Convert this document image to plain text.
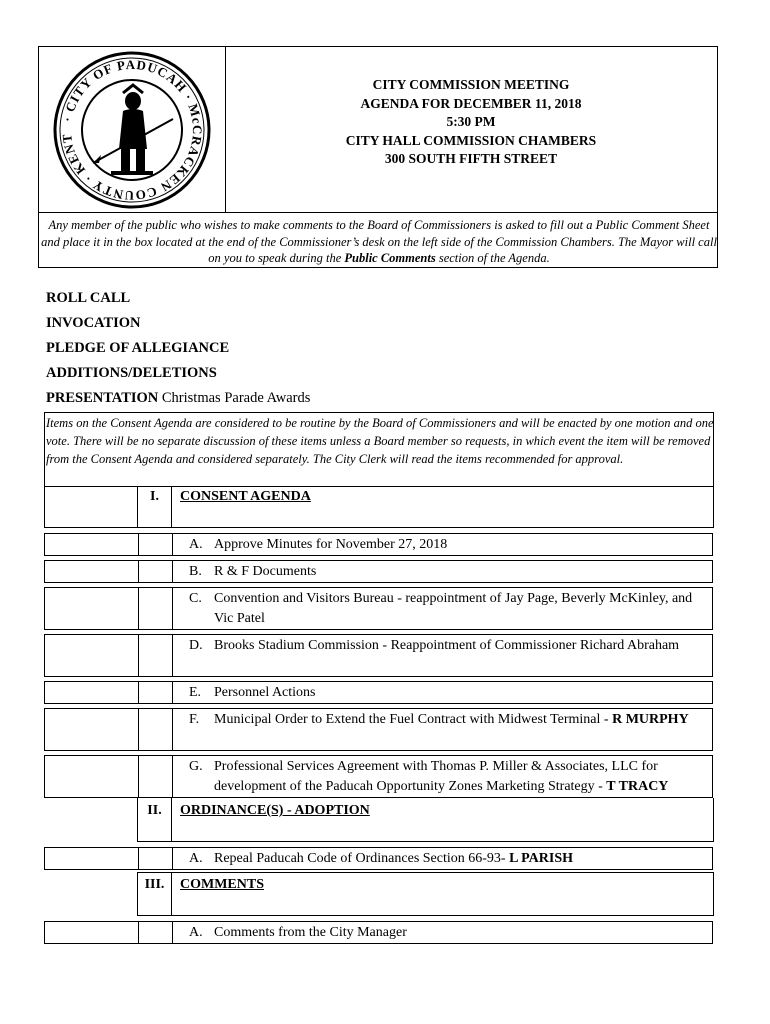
· CITY OF PADUCAH · McCRACKEN COUNTY · KENT
CITY COMMISSION MEETING
AGENDA FOR DECEMBER 11, 2018
5:30 PM
CITY HALL COMMISSION CHAMBERS
300 SOUTH FIFTH STREET
Any member of the public who wishes to make comments to the Board of Commissioners is asked to fill out a Public Comment Sheet and place it in the box located at the end of the Commissioner’s desk on the left side of the Commission Chambers. The Mayor will call on you to speak during the Public Comments section of the Agenda.
ROLL CALL
INVOCATION
PLEDGE OF ALLEGIANCE
ADDITIONS/DELETIONS
PRESENTATION Christmas Parade Awards
Items on the Consent Agenda are considered to be routine by the Board of Commissioners and will be enacted by one motion and one vote. There will be no separate discussion of these items unless a Board member so requests, in which event the item will be removed from the Consent Agenda and considered separately. The City Clerk will read the items recommended for approval.
I.	CONSENT AGENDA
A. Approve Minutes for November 27, 2018
B. R & F Documents
C. Convention and Visitors Bureau - reappointment of Jay Page, Beverly McKinley, and Vic Patel
D. Brooks Stadium Commission - Reappointment of Commissioner Richard Abraham
E. Personnel Actions
F. Municipal Order to Extend the Fuel Contract with Midwest Terminal - R MURPHY
G. Professional Services Agreement with Thomas P. Miller & Associates, LLC for development of the Paducah Opportunity Zones Marketing Strategy - T TRACY
II.	ORDINANCE(S) - ADOPTION
A. Repeal Paducah Code of Ordinances Section 66-93- L PARISH
III.	COMMENTS
A. Comments from the City Manager
